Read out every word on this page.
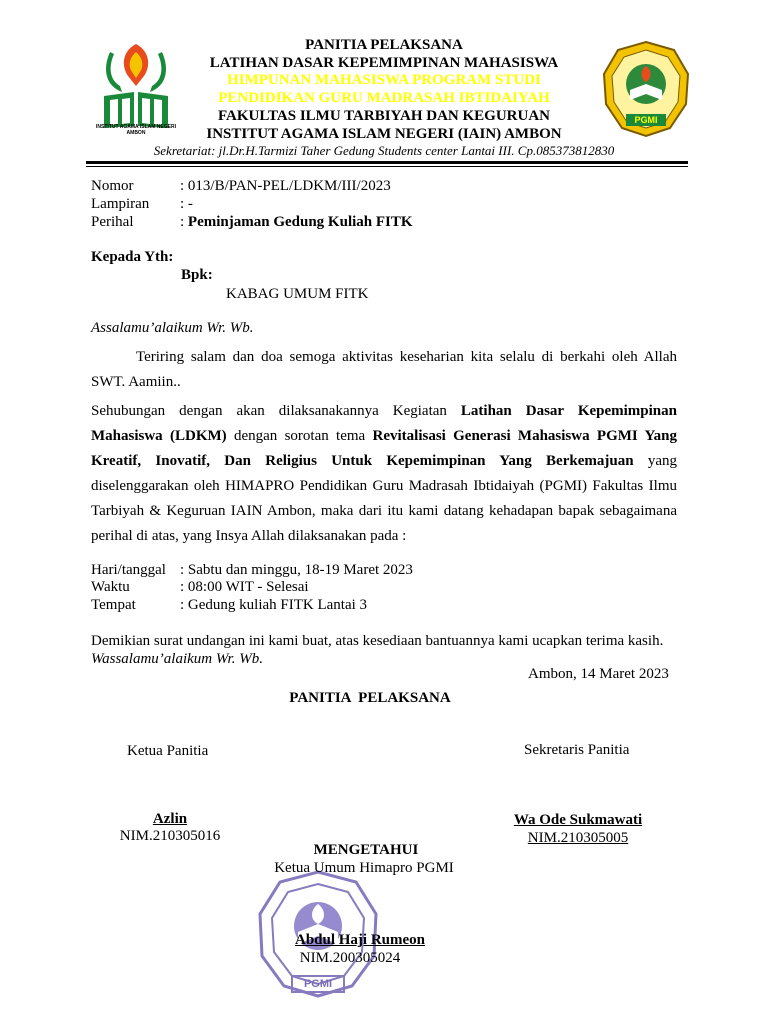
INSTITUT AGAMA ISLAM NEGERI AMBON
PGMI
PANITIA PELAKSANA
LATIHAN DASAR KEPEMIMPINAN MAHASISWA
HIMPUNAN MAHASISWA PROGRAM STUDI
PENDIDIKAN GURU MADRASAH IBTIDAIYAH
FAKULTAS ILMU TARBIYAH DAN KEGURUAN
INSTITUT AGAMA ISLAM NEGERI (IAIN) AMBON
Sekretariat: jl.Dr.H.Tarmizi Taher Gedung Students center Lantai III. Cp.085373812830
Nomor	: 013/B/PAN-PEL/LDKM/III/2023
Lampiran : -
Perihal	: Peminjaman Gedung Kuliah FITK
Kepada Yth:
Bpk:
KABAG UMUM FITK
Assalamu’alaikum Wr. Wb.
Teriring salam dan doa semoga aktivitas keseharian kita selalu di berkahi oleh Allah
SWT. Aamiin..
Sehubungan dengan akan dilaksanakannya Kegiatan Latihan Dasar Kepemimpinan
Mahasiswa (LDKM) dengan sorotan tema Revitalisasi Generasi Mahasiswa PGMI Yang
Kreatif, Inovatif, Dan Religius Untuk Kepemimpinan Yang Berkemajuan yang
diselenggarakan oleh HIMAPRO Pendidikan Guru Madrasah Ibtidaiyah (PGMI) Fakultas Ilmu
Tarbiyah & Keguruan IAIN Ambon, maka dari itu kami datang kehadapan bapak sebagaimana
perihal di atas, yang Insya Allah dilaksanakan pada :
Hari/tanggal : Sabtu dan minggu, 18-19 Maret 2023
Waktu	: 08:00 WIT - Selesai
Tempat	: Gedung kuliah FITK Lantai 3
Demikian surat undangan ini kami buat, atas kesediaan bantuannya kami ucapkan terima kasih.
Wassalamu’alaikum Wr. Wb.
Ambon, 14 Maret 2023
PANITIA  PELAKSANA
Ketua Panitia	Sekretaris Panitia
Azlin
NIM.210305016
Wa Ode Sukmawati
NIM.210305005
PGMI
MENGETAHUI
Ketua Umum Himapro PGMI
Abdul Haji Rumeon
NIM.200305024
